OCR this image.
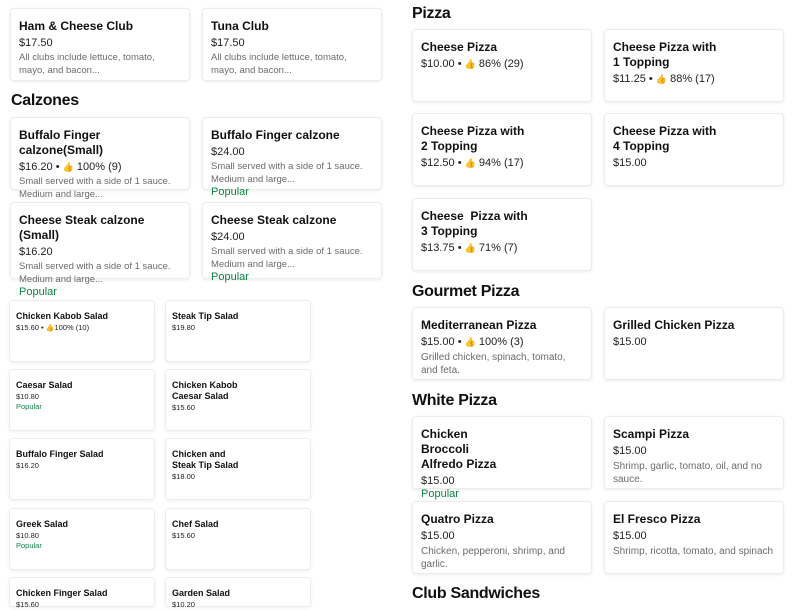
Ham & Cheese Club
$17.50
All clubs include lettuce, tomato, mayo, and bacon...
Tuna Club
$17.50
All clubs include lettuce, tomato, mayo, and bacon...
Calzones
Buffalo Finger calzone(Small)
$16.20 • 👍 100% (9)
Small served with a side of 1 sauce. Medium and large...
Buffalo Finger calzone
$24.00
Small served with a side of 1 sauce. Medium and large...
Popular
Cheese Steak calzone (Small)
$16.20
Small served with a side of 1 sauce. Medium and large...
Popular
Cheese Steak calzone
$24.00
Small served with a side of 1 sauce. Medium and large...
Popular
Chicken Kabob Salad
$15.60 • 👍100% (10)
Steak Tip Salad
$19.80
Caesar Salad
$10.80
Popular
Chicken Kabob Caesar Salad
$15.60
Buffalo Finger Salad
$16.20
Chicken and Steak Tip Salad
$18.00
Greek Salad
$10.80
Popular
Chef Salad
$15.60
Chicken Finger Salad
$15.60
Garden Salad
$10.20
Pizza
Cheese Pizza
$10.00 • 👍 86% (29)
Cheese Pizza with 1 Topping
$11.25 • 👍 88% (17)
Cheese Pizza with 2 Topping
$12.50 • 👍 94% (17)
Cheese Pizza with 4 Topping
$15.00
Cheese  Pizza with 3 Topping
$13.75 • 👍 71% (7)
Gourmet Pizza
Mediterranean Pizza
$15.00 • 👍 100% (3)
Grilled chicken, spinach, tomato, and feta.
Grilled Chicken Pizza
$15.00
White Pizza
Chicken Broccoli Alfredo Pizza
$15.00
Popular
Scampi Pizza
$15.00
Shrimp, garlic, tomato, oil, and no sauce.
Quatro Pizza
$15.00
Chicken, pepperoni, shrimp, and garlic.
El Fresco Pizza
$15.00
Shrimp, ricotta, tomato, and spinach
Club Sandwiches
